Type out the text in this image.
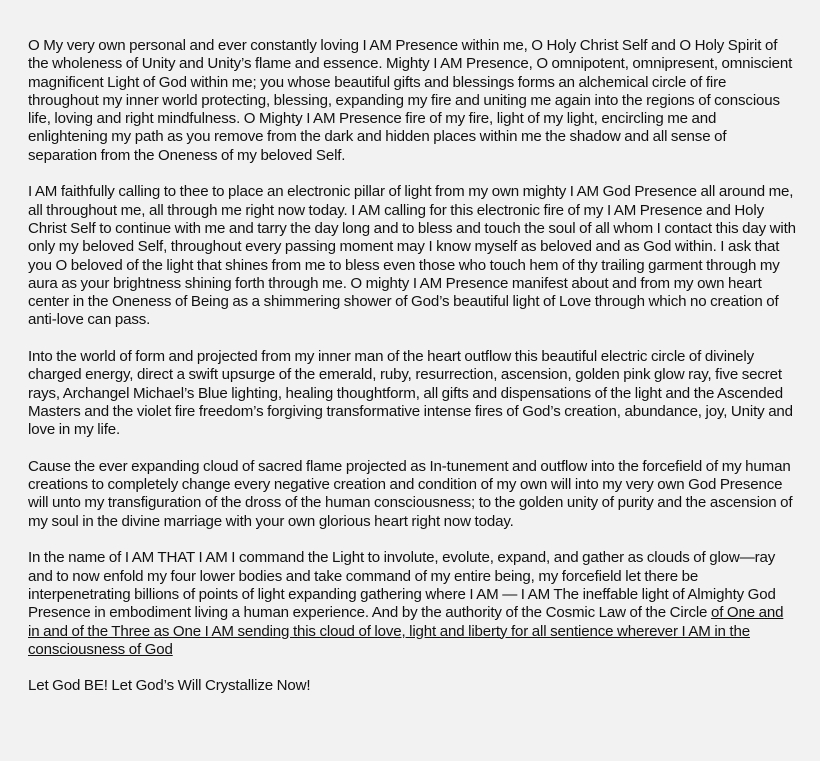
O My very own personal and ever constantly loving I AM Presence within me, O Holy Christ Self and O Holy Spirit of the wholeness of Unity and Unity’s flame and essence. Mighty I AM Presence, O omnipotent, omnipresent, omniscient magnificent Light of God within me; you whose beautiful gifts and blessings forms an alchemical circle of fire throughout my inner world protecting, blessing, expanding my fire and uniting me again into the regions of conscious life, loving and right mindfulness. O Mighty I AM Presence fire of my fire, light of my light, encircling me and enlightening my path as you remove from the dark and hidden places within me the shadow and all sense of separation from the Oneness of my beloved Self.

I AM faithfully calling to thee to place an electronic pillar of light from my own mighty I AM God Presence all around me, all throughout me, all through me right now today. I AM calling for this electronic fire of my I AM Presence and Holy Christ Self to continue with me and tarry the day long and to bless and touch the soul of all whom I contact this day with only my beloved Self, throughout every passing moment may I know myself as beloved and as God within. I ask that you O beloved of the light that shines from me to bless even those who touch hem of thy trailing garment through my aura as your brightness shining forth through me. O mighty I AM Presence manifest about and from my own heart center in the Oneness of Being as a shimmering shower of God’s beautiful light of Love through which no creation of anti-love can pass.

Into the world of form and projected from my inner man of the heart outflow this beautiful electric circle of divinely charged energy, direct a swift upsurge of the emerald, ruby, resurrection, ascension, golden pink glow ray, five secret rays, Archangel Michael’s Blue lighting, healing thoughtform, all gifts and dispensations of the light and the Ascended Masters and the violet fire freedom’s forgiving transformative intense fires of God’s creation, abundance, joy, Unity and love in my life.

Cause the ever expanding cloud of sacred flame projected as In-tunement and outflow into the forcefield of my human creations to completely change every negative creation and condition of my own will into my very own God Presence will unto my transfiguration of the dross of the human consciousness; to the golden unity of purity and the ascension of my soul in the divine marriage with your own glorious heart right now today.

In the name of I AM THAT I AM I command the Light to involute, evolute, expand, and gather as clouds of glow—ray and to now enfold my four lower bodies and take command of my entire being, my forcefield let there be interpenetrating billions of points of light expanding gathering where I AM — I AM The ineffable light of Almighty God Presence in embodiment living a human experience. And by the authority of the Cosmic Law of the Circle of One and in and of the Three as One I AM sending this cloud of love, light and liberty for all sentience wherever I AM in the consciousness of God

Let God BE! Let God’s Will Crystallize Now!
